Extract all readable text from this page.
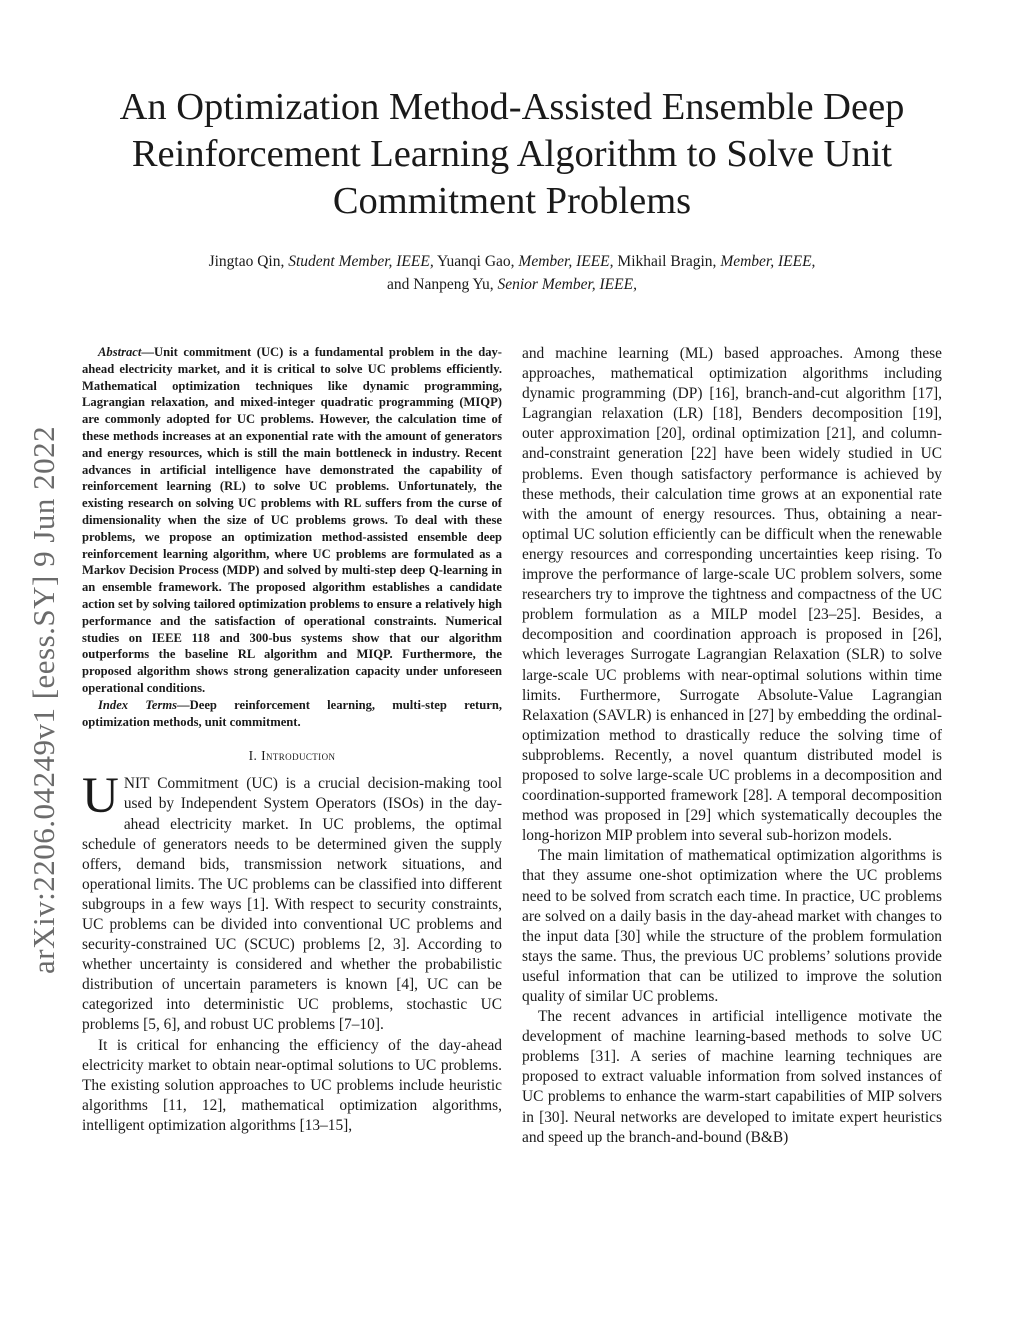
An Optimization Method-Assisted Ensemble Deep Reinforcement Learning Algorithm to Solve Unit Commitment Problems
Jingtao Qin, Student Member, IEEE, Yuanqi Gao, Member, IEEE, Mikhail Bragin, Member, IEEE,
and Nanpeng Yu, Senior Member, IEEE,
arXiv:2206.04249v1 [eess.SY] 9 Jun 2022

Abstract—Unit commitment (UC) is a fundamental problem in the day-ahead electricity market, and it is critical to solve UC problems efficiently. Mathematical optimization techniques like dynamic programming, Lagrangian relaxation, and mixed-integer quadratic programming (MIQP) are commonly adopted for UC problems. However, the calculation time of these methods increases at an exponential rate with the amount of generators and energy resources, which is still the main bottleneck in industry. Recent advances in artificial intelligence have demonstrated the capability of reinforcement learning (RL) to solve UC problems. Unfortunately, the existing research on solving UC problems with RL suffers from the curse of dimensionality when the size of UC problems grows. To deal with these problems, we propose an optimization method-assisted ensemble deep reinforcement learning algorithm, where UC problems are formulated as a Markov Decision Process (MDP) and solved by multi-step deep Q-learning in an ensemble framework. The proposed algorithm establishes a candidate action set by solving tailored optimization problems to ensure a relatively high performance and the satisfaction of operational constraints. Numerical studies on IEEE 118 and 300-bus systems show that our algorithm outperforms the baseline RL algorithm and MIQP. Furthermore, the proposed algorithm shows strong generalization capacity under unforeseen operational conditions.

Index Terms—Deep reinforcement learning, multi-step return, optimization methods, unit commitment.

I. Introduction

UNIT Commitment (UC) is a crucial decision-making tool used by Independent System Operators (ISOs) in the day-ahead electricity market. In UC problems, the optimal schedule of generators needs to be determined given the supply offers, demand bids, transmission network situations, and operational limits. The UC problems can be classified into different subgroups in a few ways [1]. With respect to security constraints, UC problems can be divided into conventional UC problems and security-constrained UC (SCUC) problems [2, 3]. According to whether uncertainty is considered and whether the probabilistic distribution of uncertain parameters is known [4], UC can be categorized into deterministic UC problems, stochastic UC problems [5, 6], and robust UC problems [7–10].

It is critical for enhancing the efficiency of the day-ahead electricity market to obtain near-optimal solutions to UC problems. The existing solution approaches to UC problems include heuristic algorithms [11, 12], mathematical optimization algorithms, intelligent optimization algorithms [13–15],

and machine learning (ML) based approaches. Among these approaches, mathematical optimization algorithms including dynamic programming (DP) [16], branch-and-cut algorithm [17], Lagrangian relaxation (LR) [18], Benders decomposition [19], outer approximation [20], ordinal optimization [21], and column-and-constraint generation [22] have been widely studied in UC problems. Even though satisfactory performance is achieved by these methods, their calculation time grows at an exponential rate with the amount of energy resources. Thus, obtaining a near-optimal UC solution efficiently can be difficult when the renewable energy resources and corresponding uncertainties keep rising. To improve the performance of large-scale UC problem solvers, some researchers try to improve the tightness and compactness of the UC problem formulation as a MILP model [23–25]. Besides, a decomposition and coordination approach is proposed in [26], which leverages Surrogate Lagrangian Relaxation (SLR) to solve large-scale UC problems with near-optimal solutions within time limits. Furthermore, Surrogate Absolute-Value Lagrangian Relaxation (SAVLR) is enhanced in [27] by embedding the ordinal-optimization method to drastically reduce the solving time of subproblems. Recently, a novel quantum distributed model is proposed to solve large-scale UC problems in a decomposition and coordination-supported framework [28]. A temporal decomposition method was proposed in [29] which systematically decouples the long-horizon MIP problem into several sub-horizon models.

The main limitation of mathematical optimization algorithms is that they assume one-shot optimization where the UC problems need to be solved from scratch each time. In practice, UC problems are solved on a daily basis in the day-ahead market with changes to the input data [30] while the structure of the problem formulation stays the same. Thus, the previous UC problems’ solutions provide useful information that can be utilized to improve the solution quality of similar UC problems.

The recent advances in artificial intelligence motivate the development of machine learning-based methods to solve UC problems [31]. A series of machine learning techniques are proposed to extract valuable information from solved instances of UC problems to enhance the warm-start capabilities of MIP solvers in [30]. Neural networks are developed to imitate expert heuristics and speed up the branch-and-bound (B&B)
